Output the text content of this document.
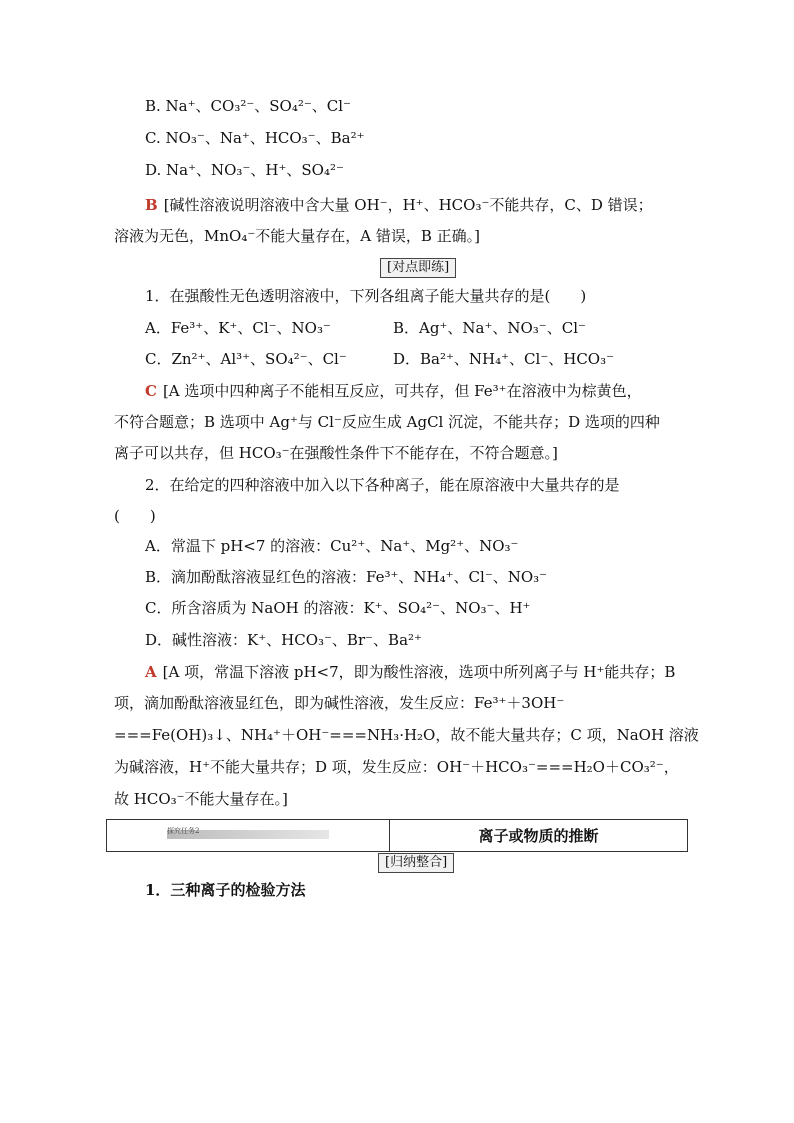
B. Na⁺、CO₃²⁻、SO₄²⁻、Cl⁻
C. NO₃⁻、Na⁺、HCO₃⁻、Ba²⁺
D. Na⁺、NO₃⁻、H⁺、SO₄²⁻
B [碱性溶液说明溶液中含大量 OH⁻，H⁺、HCO₃⁻不能共存，C、D 错误；
溶液为无色，MnO₄⁻不能大量存在，A 错误，B 正确。]
[对点即练]
1．在强酸性无色透明溶液中，下列各组离子能大量共存的是(　　)
A．Fe³⁺、K⁺、Cl⁻、NO₃⁻	B．Ag⁺、Na⁺、NO₃⁻、Cl⁻
C．Zn²⁺、Al³⁺、SO₄²⁻、Cl⁻	D．Ba²⁺、NH₄⁺、Cl⁻、HCO₃⁻
C [A 选项中四种离子不能相互反应，可共存，但 Fe³⁺在溶液中为棕黄色，
不符合题意；B 选项中 Ag⁺与 Cl⁻反应生成 AgCl 沉淀，不能共存；D 选项的四种
离子可以共存，但 HCO₃⁻在强酸性条件下不能存在，不符合题意。]
2．在给定的四种溶液中加入以下各种离子，能在原溶液中大量共存的是
(　　)
A．常温下 pH<7 的溶液：Cu²⁺、Na⁺、Mg²⁺、NO₃⁻
B．滴加酚酞溶液显红色的溶液：Fe³⁺、NH₄⁺、Cl⁻、NO₃⁻
C．所含溶质为 NaOH 的溶液：K⁺、SO₄²⁻、NO₃⁻、H⁺
D．碱性溶液：K⁺、HCO₃⁻、Br⁻、Ba²⁺
A [A 项，常温下溶液 pH<7，即为酸性溶液，选项中所列离子与 H⁺能共存；B
项，滴加酚酞溶液显红色，即为碱性溶液，发生反应：Fe³⁺＋3OH⁻
===Fe(OH)₃↓、NH₄⁺＋OH⁻===NH₃·H₂O，故不能大量共存；C 项，NaOH 溶液
为碱溶液，H⁺不能大量共存；D 项，发生反应：OH⁻＋HCO₃⁻===H₂O＋CO₃²⁻，
故 HCO₃⁻不能大量存在。]
探究任务2	离子或物质的推断
[归纳整合]
1．三种离子的检验方法
